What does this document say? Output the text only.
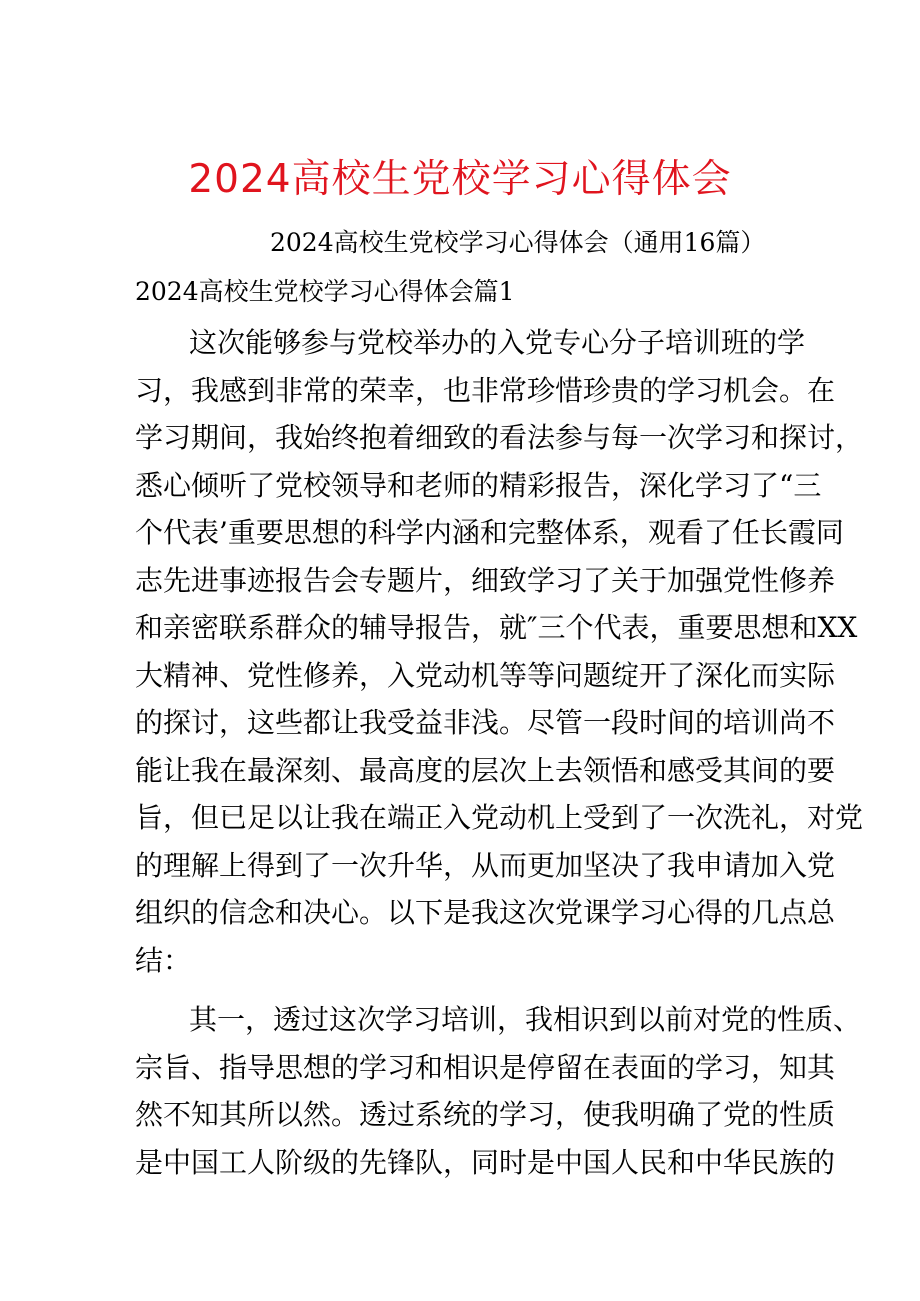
2024高校生党校学习心得体会
2024高校生党校学习心得体会（通用16篇）
2024高校生党校学习心得体会篇1
这次能够参与党校举办的入党专心分子培训班的学
习，我感到非常的荣幸，也非常珍惜珍贵的学习机会。在
学习期间，我始终抱着细致的看法参与每一次学习和探讨，
悉心倾听了党校领导和老师的精彩报告，深化学习了“三
个代表’重要思想的科学内涵和完整体系，观看了任长霞同
志先进事迹报告会专题片，细致学习了关于加强党性修养
和亲密联系群众的辅导报告，就″三个代表，重要思想和XX
大精神、党性修养，入党动机等等问题绽开了深化而实际
的探讨，这些都让我受益非浅。尽管一段时间的培训尚不
能让我在最深刻、最高度的层次上去领悟和感受其间的要
旨，但已足以让我在端正入党动机上受到了一次洗礼，对党
的理解上得到了一次升华，从而更加坚决了我申请加入党
组织的信念和决心。以下是我这次党课学习心得的几点总
结：
其一，透过这次学习培训，我相识到以前对党的性质、
宗旨、指导思想的学习和相识是停留在表面的学习，知其
然不知其所以然。透过系统的学习，使我明确了党的性质
是中国工人阶级的先锋队，同时是中国人民和中华民族的
